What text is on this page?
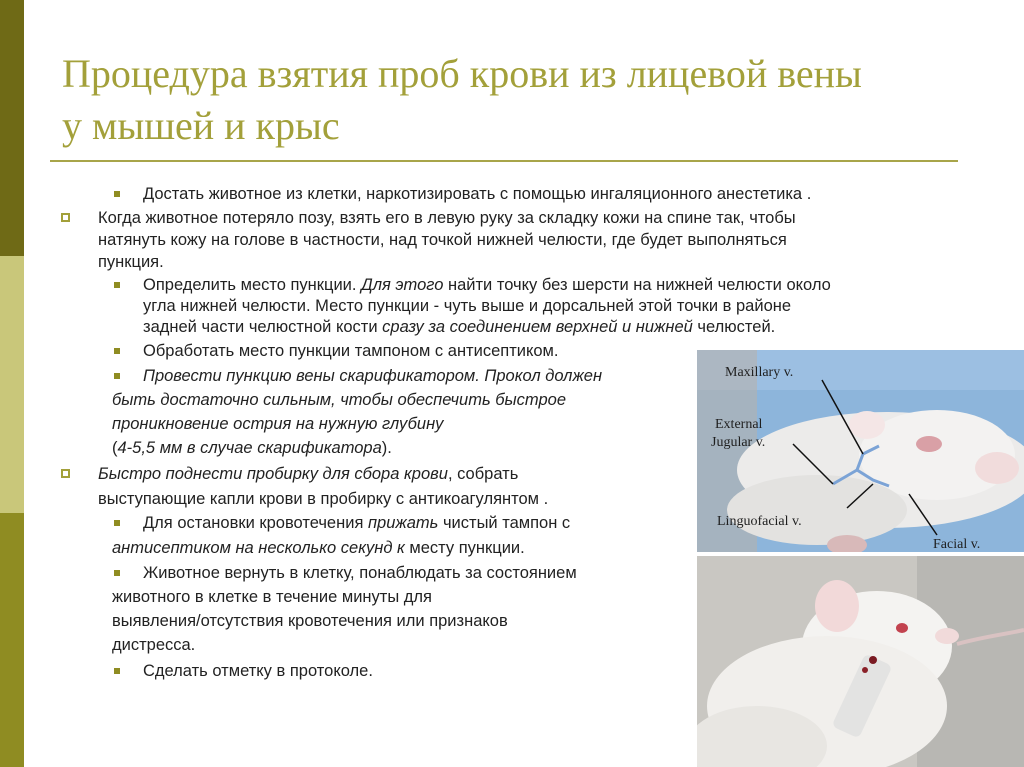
Процедура взятия проб крови из лицевой вены
у мышей и крыс
Достать животное из клетки, наркотизировать с помощью ингаляционного анестетика .
Когда животное потеряло позу, взять его в левую руку за складку кожи на спине так, чтобы
натянуть кожу на голове в частности, над точкой нижней челюсти, где будет выполняться
пункция.
Определить место пункции. Для этого найти точку без шерсти на нижней челюсти около
угла нижней челюсти. Место пункции - чуть выше и дорсальней этой точки в районе
задней части челюстной кости сразу за соединением верхней и нижней челюстей.
Обработать место пункции тампоном с антисептиком.
Провести пункцию вены скарификатором. Прокол должен
быть достаточно сильным, чтобы обеспечить быстрое
проникновение острия на нужную глубину
(4-5,5 мм в случае скарификатора).
Быстро поднести пробирку для сбора крови, собрать
выступающие капли крови в пробирку с антикоагулянтом .
Для остановки кровотечения прижать чистый тампон с
антисептиком на несколько секунд к месту пункции.
Животное вернуть в клетку, понаблюдать за состоянием
животного в клетке в течение минуты для
выявления/отсутствия кровотечения или признаков
дистресса.
Сделать отметку в протоколе.
Maxillary v.
External
Jugular v.
Linguofacial v.
Facial v.
